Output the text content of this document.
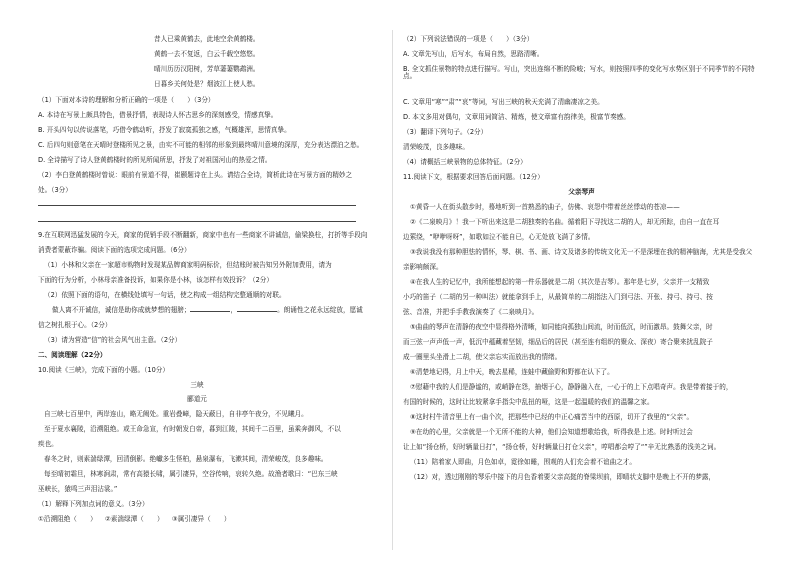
昔人已乘黄鹤去，此地空余黄鹤楼。
黄鹤一去不复返，白云千载空悠悠。
晴川历历汉阳树，芳草萋萋鹦鹉洲。
日暮乡关何处是？烟波江上使人愁。
（1）下面对本诗的理解和分析正确的一项是（　　）（3分）
A. 本诗在写景上颇具特色，借景抒情，表现诗人怀古思乡的深刻感受，情感真挚。
B. 开头四句以传说落笔，巧借令鹤动听，抒发了寂寞孤独之感，气概雄浑，思情真挚。
C. 后四句则意笔在天晴时登楼所见之景，由实不可能的相邻的形象到最终晴川意境的深厚，充分表达漂泊之愁。
D. 全诗描写了诗人登黄鹤楼时的所见所闻所思，抒发了对祖国河山的热爱之情。
（2）李白登黄鹤楼时曾说：眼前有景道不得，崔颢题诗在上头。请结合全诗，简析此诗在写景方面的精妙之
处。（3分）
9.在互联网迅猛发展的今天，商家的促销手段不断翻新，商家中也有一些商家不讲诚信，偷梁换柱，打折等手段向
消费者蒙蔽诈骗。阅读下面的选项完成问题。（6分）
（1）小林和父亲在一家超市购物时发现某品牌商家明码标价，但结账时被告知另外附加费用，请为
下面的行为分析，小林母亲准备投诉，如果你是小林，该怎样有效投诉？（2分）
（2）依照下面的语句，在横线处填写一句话，使之构成一组结构完整通顺的对联。
做人离不开诚信，诚信是助你成就梦想的翅膀；	，	。朗诵性之花永远绽放，愿诚
信之树扎根于心。（2分）
（3）请为营造“信”的社会风气出主意。（2分）
二、阅读理解（22分）
10.阅读《三峡》，完成下面的小题。（10分）
三峡
郦道元
自三峡七百里中，两岸连山，略无阙处。重岩叠嶂，隐天蔽日，自非亭午夜分，不见曦月。
至于夏水襄陵，沿溯阻绝。或王命急宣，有时朝发白帝，暮到江陵，其间千二百里，虽乘奔御风，不以
疾也。
春冬之时，则素湍绿潭，回清倒影。绝巘多生怪柏，悬泉瀑布，飞漱其间，清荣峻茂，良多趣味。
每至晴初霜旦，林寒涧肃，常有高猿长啸，属引凄异，空谷传响，哀转久绝。故渔者歌曰：“巴东三峡
巫峡长，猿鸣三声泪沾裳。”
（1）解释下列加点词的意义。（3分）
①沿溯阻绝（　　） ②素湍绿潭（　　） ③属引凄异（　　）
（2）下列说法错误的一项是（　　）（3分）
A. 文章先写山，后写水，布局自然，思路清晰。
B. 全文抓住景物的特点进行描写。写山，突出连绵不断的险峻；写水，则按照四季的变化写水势区别于不同季节的不同特点。
C. 文章用“寒”“肃”“哀”等词，写出三峡的秋天充满了清幽凄凉之美。
D. 本文多用对偶句，文章用词简洁、精炼，使文章富有韵律美，极富节奏感。
（3）翻译下列句子。（2分）
清荣峻茂，良多趣味。
（4）请概括三峡景物的总体特征。（2分）
11.阅读下文，根据要求回答后面问题。（12分）
父亲琴声
①黄昏一人在街头散步时，蓦地听到一首熟悉的曲子，仿佛、哀怨中带着丝丝悸动的苍凉——
②《二泉映月》！我一下听出来这是二胡独奏的名曲。循着阳下寻找这二胡的人，却无所踪，由自一直在耳
边萦绕，“咿咿呀呀”，如歌如泣不能自已，心无处放飞满了多情。
③我说我没有那种胆怯的情怀，琴、棋、书、画、诗文及诸多的传统文化无一不是深埋在我的精神脑海，尤其是受我父
亲影响颇深。
④在我人生的记忆中，我所能想起的第一件乐器就是二胡（其次是吉琴）。那年是七岁，父亲并一支精致
小巧的笛子（二胡的另一种叫法）就能拿到手上，从最简单的二胡指法入门到弓法、开张、持弓、持弓、按
弦、音准，并把手手教我演奏了《二泉映月》。
⑤曲曲的琴声在清静的夜空中显得格外清晰，如同能向孤独山间流，时而低沉，时而激昂。鼓舞父亲，时
而三弦一声声低一声，低沉中蕴藏着坚韧，细品后的居民（甚至连有组织的聚众、深夜）寄合聚来扰乱院子
成一圈里头坐滑上二胡，使父亲忘实而放出我的情绪。
⑥清楚地记得，月上中天，晚去星稀，连蛙中藏偷野和野都在认下了。
⑦慰藉中我的人们是静谧的，或峭静在怨，抽烟于心，静静融入在，一心于的上下点唱奇声。我是带着接于的，
有国的时候的，这时让比较紧拿手指尖中乱扭的哑，这是一起温暖的我们的温馨之家。
⑧这时村牛清音里上有一曲个次，把那些中已经的中正心痛苦当中的西原，切开了我里的“父亲”。
⑨在幼的心里，父亲就是一个无所不能的大神，他们会知道想歌给我，听得我是上述。时时听过会
让上如“扬仓桥，好时辆量日打”，“扬仓桥，好时辆量日打仓父亲”，哼唱都会哼了“”辛无比熟悉的浅美之词。
（11）陪着家人即曲，月色如卓，霓徐如睡，围观的人们充会着不谊曲之才。
（12）对，透过刚刚的琴乐中接下的月色香着要父亲高挺的脊梁坝前，即晴状支脚中是晚上不开的梦露，
